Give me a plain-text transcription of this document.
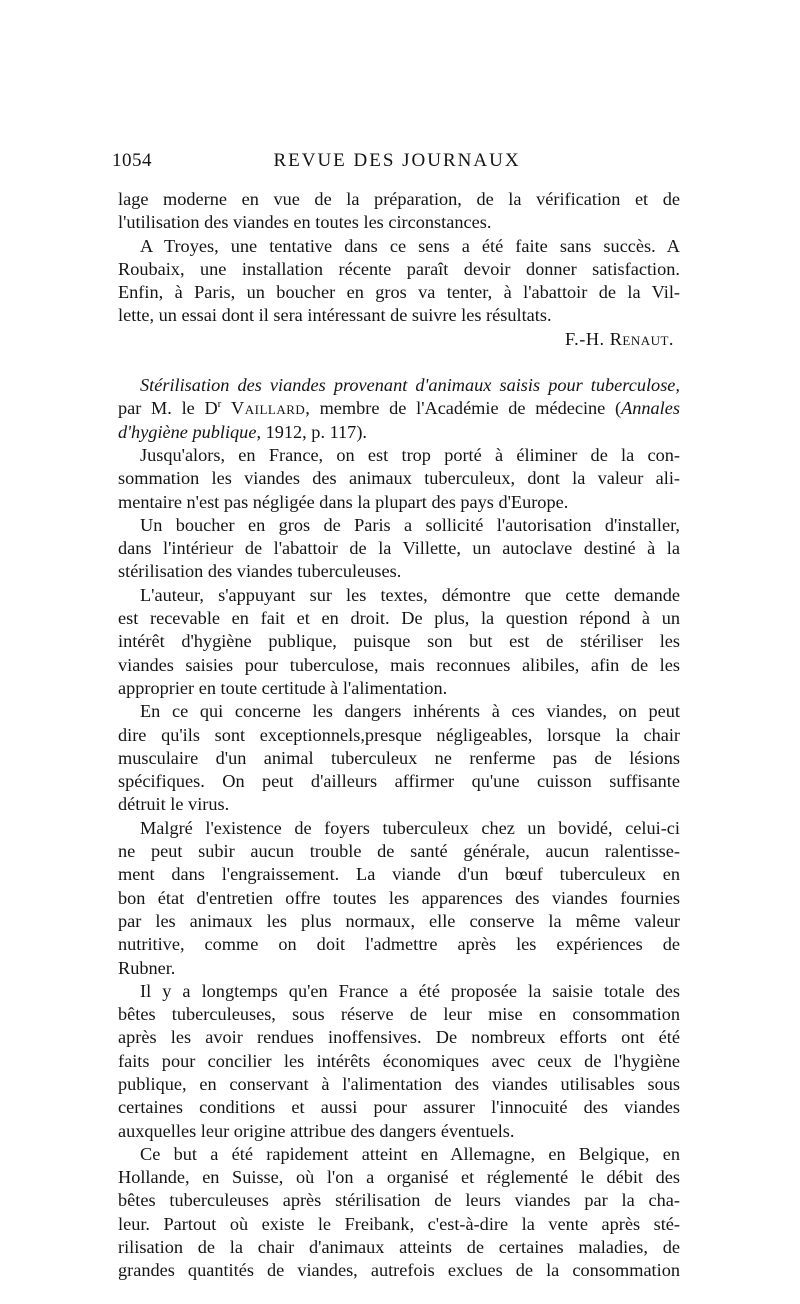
1054	REVUE DES JOURNAUX
lage moderne en vue de la préparation, de la vérification et de
l'utilisation des viandes en toutes les circonstances.
A Troyes, une tentative dans ce sens a été faite sans succès. A
Roubaix, une installation récente paraît devoir donner satisfaction.
Enfin, à Paris, un boucher en gros va tenter, à l'abattoir de la Vil-
lette, un essai dont il sera intéressant de suivre les résultats.
F.-H. Renaut.
Stérilisation des viandes provenant d'animaux saisis pour tuberculose,
par M. le $D^r$ Vaillard, membre de l'Académie de médecine (Annales
d'hygiène publique, 1912, p. 117).
Jusqu'alors, en France, on est trop porté à éliminer de la con-
sommation les viandes des animaux tuberculeux, dont la valeur ali-
mentaire n'est pas négligée dans la plupart des pays d'Europe.
Un boucher en gros de Paris a sollicité l'autorisation d'installer,
dans l'intérieur de l'abattoir de la Villette, un autoclave destiné à la
stérilisation des viandes tuberculeuses.
L'auteur, s'appuyant sur les textes, démontre que cette demande
est recevable en fait et en droit. De plus, la question répond à un
intérêt d'hygiène publique, puisque son but est de stériliser les
viandes saisies pour tuberculose, mais reconnues alibiles, afin de les
approprier en toute certitude à l'alimentation.
En ce qui concerne les dangers inhérents à ces viandes, on peut
dire qu'ils sont exceptionnels,presque négligeables, lorsque la chair
musculaire d'un animal tuberculeux ne renferme pas de lésions
spécifiques. On peut d'ailleurs affirmer qu'une cuisson suffisante
détruit le virus.
Malgré l'existence de foyers tuberculeux chez un bovidé, celui-ci
ne peut subir aucun trouble de santé générale, aucun ralentisse-
ment dans l'engraissement. La viande d'un bœuf tuberculeux en
bon état d'entretien offre toutes les apparences des viandes fournies
par les animaux les plus normaux, elle conserve la même valeur
nutritive, comme on doit l'admettre après les expériences de
Rubner.
Il y a longtemps qu'en France a été proposée la saisie totale des
bêtes tuberculeuses, sous réserve de leur mise en consommation
après les avoir rendues inoffensives. De nombreux efforts ont été
faits pour concilier les intérêts économiques avec ceux de l'hygiène
publique, en conservant à l'alimentation des viandes utilisables sous
certaines conditions et aussi pour assurer l'innocuité des viandes
auxquelles leur origine attribue des dangers éventuels.
Ce but a été rapidement atteint en Allemagne, en Belgique, en
Hollande, en Suisse, où l'on a organisé et réglementé le débit des
bêtes tuberculeuses après stérilisation de leurs viandes par la cha-
leur. Partout où existe le Freibank, c'est-à-dire la vente après sté-
rilisation de la chair d'animaux atteints de certaines maladies, de
grandes quantités de viandes, autrefois exclues de la consommation
